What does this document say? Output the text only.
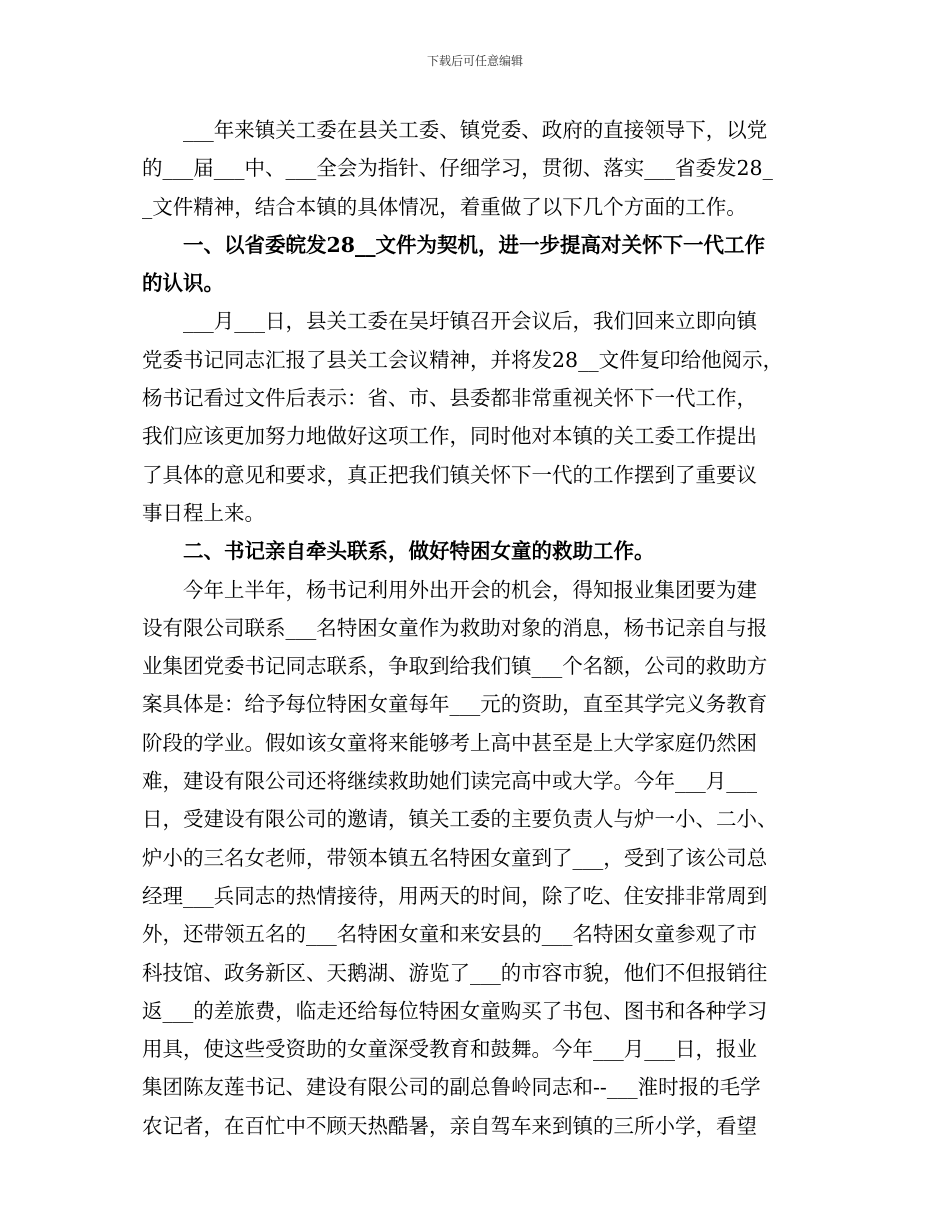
下载后可任意编辑
　　___年来镇关工委在县关工委、镇党委、政府的直接领导下，以党
的___届___中、___全会为指针、仔细学习，贯彻、落实___省委发28_
_文件精神，结合本镇的具体情况，着重做了以下几个方面的工作。
　　一、以省委皖发28__文件为契机，进一步提高对关怀下一代工作
的认识。
　　___月___日，县关工委在吴圩镇召开会议后，我们回来立即向镇
党委书记同志汇报了县关工会议精神，并将发28__文件复印给他阅示，
杨书记看过文件后表示：省、市、县委都非常重视关怀下一代工作，
我们应该更加努力地做好这项工作，同时他对本镇的关工委工作提出
了具体的意见和要求，真正把我们镇关怀下一代的工作摆到了重要议
事日程上来。
　　二、书记亲自牵头联系，做好特困女童的救助工作。
　　今年上半年，杨书记利用外出开会的机会，得知报业集团要为建
设有限公司联系___名特困女童作为救助对象的消息，杨书记亲自与报
业集团党委书记同志联系，争取到给我们镇___个名额，公司的救助方
案具体是：给予每位特困女童每年___元的资助，直至其学完义务教育
阶段的学业。假如该女童将来能够考上高中甚至是上大学家庭仍然困
难，建设有限公司还将继续救助她们读完高中或大学。今年___月___
日，受建设有限公司的邀请，镇关工委的主要负责人与炉一小、二小、
炉小的三名女老师，带领本镇五名特困女童到了___，受到了该公司总
经理___兵同志的热情接待，用两天的时间，除了吃、住安排非常周到
外，还带领五名的___名特困女童和来安县的___名特困女童参观了市
科技馆、政务新区、天鹅湖、游览了___的市容市貌，他们不但报销往
返___的差旅费，临走还给每位特困女童购买了书包、图书和各种学习
用具，使这些受资助的女童深受教育和鼓舞。今年___月___日，报业
集团陈友莲书记、建设有限公司的副总鲁岭同志和--___淮时报的毛学
农记者，在百忙中不顾天热酷暑，亲自驾车来到镇的三所小学，看望
